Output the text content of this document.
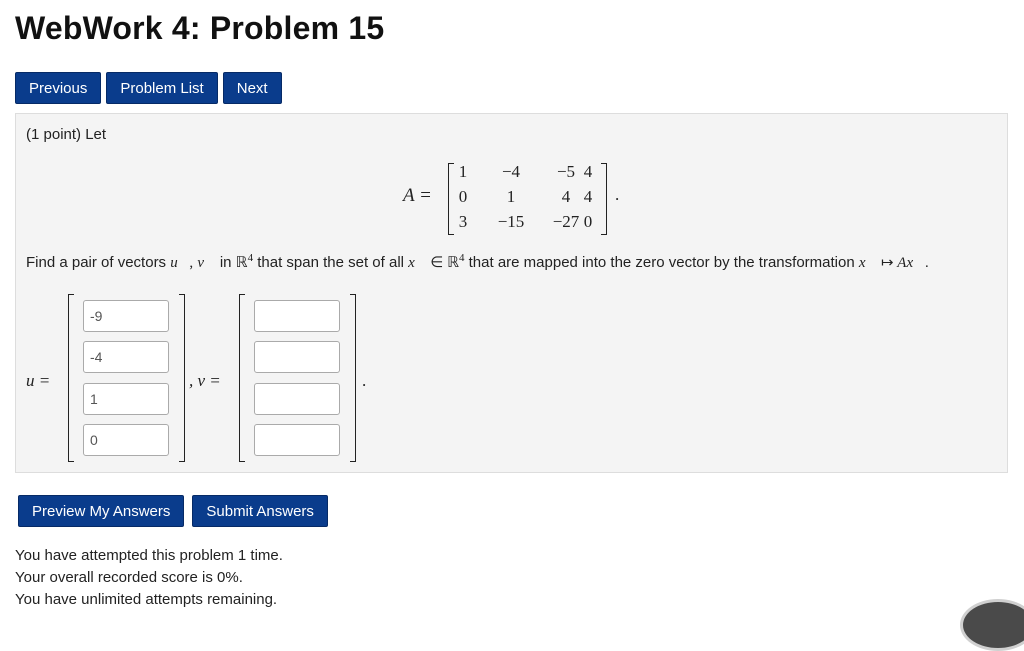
WebWork 4: Problem 15
Previous	Problem List	Next
(1 point) Let
A =
1	−4	−5 4
0	1	4 4
3	−15	−27 0
.
Find a pair of vectors u⃗, v⃗ in ℝ$^4$ that span the set of all x⃗ ∈ ℝ$^4$ that are mapped into the zero vector by the transformation x⃗ ↦ Ax⃗.
u =
-9
-4
1
0	, v =	.
Preview My Answers	Submit Answers
You have attempted this problem 1 time.
Your overall recorded score is 0%.
You have unlimited attempts remaining.
